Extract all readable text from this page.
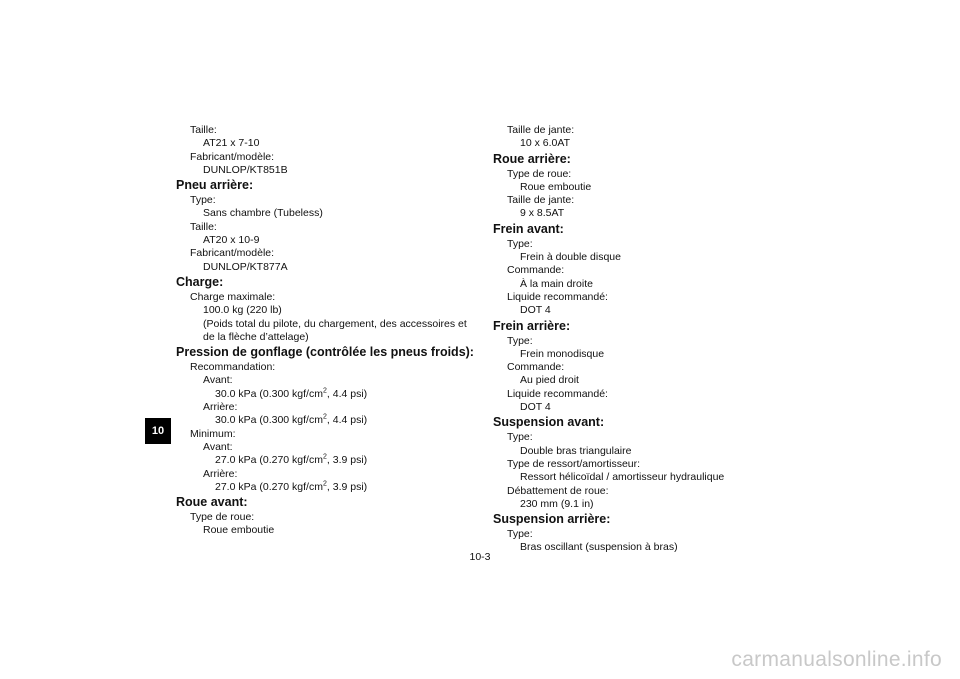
10
Taille:
AT21 x 7-10
Fabricant/modèle:
DUNLOP/KT851B
Pneu arrière:
Type:
Sans chambre (Tubeless)
Taille:
AT20 x 10-9
Fabricant/modèle:
DUNLOP/KT877A
Charge:
Charge maximale:
100.0 kg (220 lb)
(Poids total du pilote, du chargement, des accessoires et de la flèche d’attelage)
Pression de gonflage (contrôlée les pneus froids):
Recommandation:
Avant:
30.0 kPa (0.300 kgf/$cm^2$, 4.4 psi)
Arrière:
30.0 kPa (0.300 kgf/$cm^2$, 4.4 psi)
Minimum:
Avant:
27.0 kPa (0.270 kgf/$cm^2$, 3.9 psi)
Arrière:
27.0 kPa (0.270 kgf/$cm^2$, 3.9 psi)
Roue avant:
Type de roue:
Roue emboutie
Taille de jante:
10 x 6.0AT
Roue arrière:
Type de roue:
Roue emboutie
Taille de jante:
9 x 8.5AT
Frein avant:
Type:
Frein à double disque
Commande:
À la main droite
Liquide recommandé:
DOT 4
Frein arrière:
Type:
Frein monodisque
Commande:
Au pied droit
Liquide recommandé:
DOT 4
Suspension avant:
Type:
Double bras triangulaire
Type de ressort/amortisseur:
Ressort hélicoïdal / amortisseur hydraulique
Débattement de roue:
230 mm (9.1 in)
Suspension arrière:
Type:
Bras oscillant (suspension à bras)
10-3
carmanualsonline.info
